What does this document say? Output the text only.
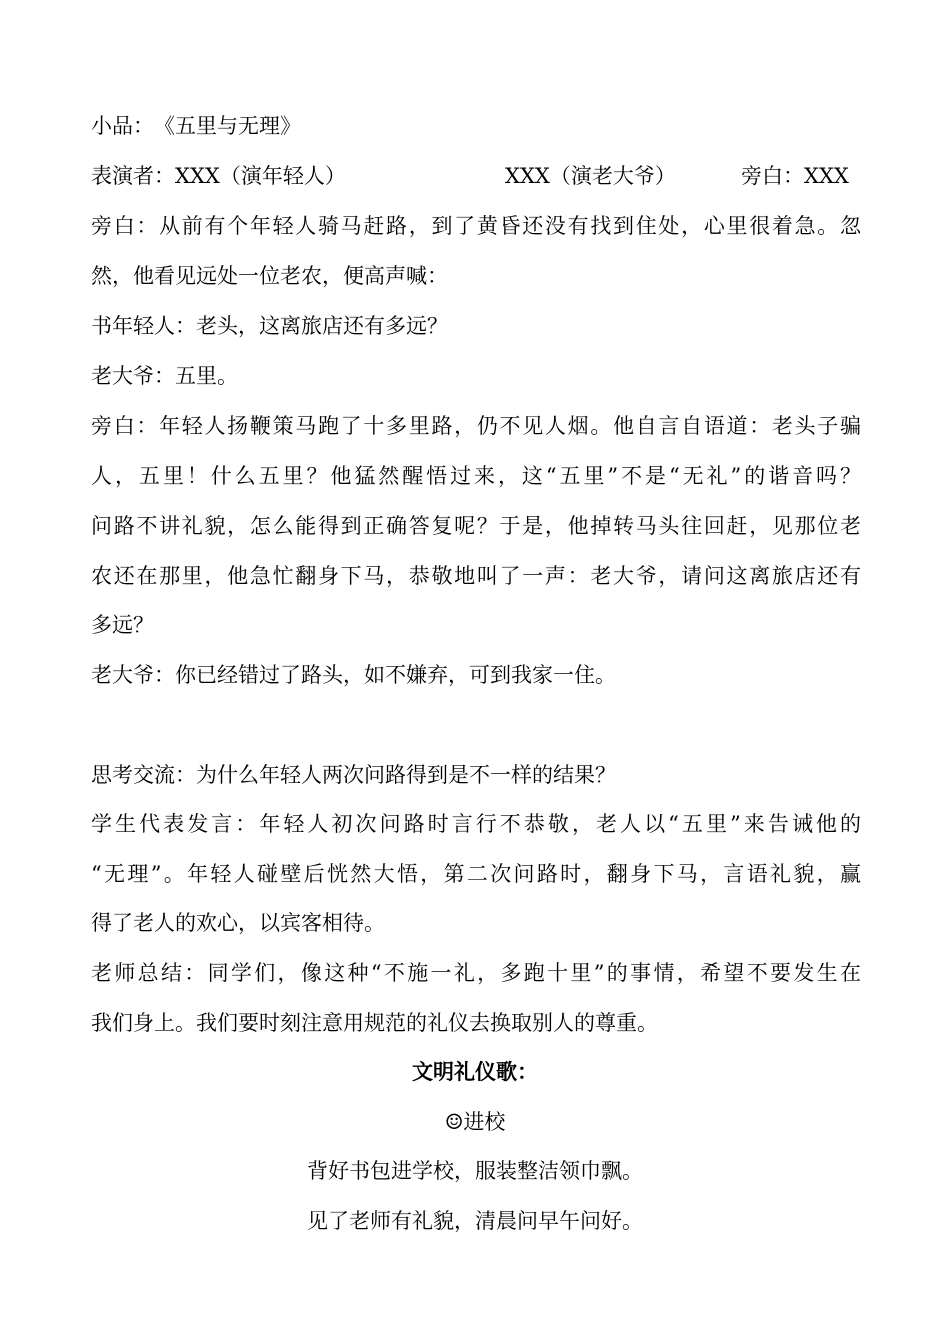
小品：　《五里与无理》
表演者：XXX（演年轻人）	XXX（演老大爷）	旁白：XXX
旁白：从前有个年轻人骑马赶路，到了黄昏还没有找到住处，心里很着急。忽
然，他看见远处一位老农，便高声喊：
书年轻人：老头，这离旅店还有多远？
老大爷：五里。
旁白：年轻人扬鞭策马跑了十多里路，仍不见人烟。他自言自语道：老头子骗
人，五里！什么五里？他猛然醒悟过来，这“五里”不是“无礼”的谐音吗？
问路不讲礼貌，怎么能得到正确答复呢？于是，他掉转马头往回赶，见那位老
农还在那里，他急忙翻身下马，恭敬地叫了一声：老大爷，请问这离旅店还有
多远？
老大爷：你已经错过了路头，如不嫌弃，可到我家一住。
思考交流：为什么年轻人两次问路得到是不一样的结果？
学生代表发言：年轻人初次问路时言行不恭敬，老人以“五里”来告诫他的
“无理”。年轻人碰壁后恍然大悟，第二次问路时，翻身下马，言语礼貌，赢
得了老人的欢心，以宾客相待。
老师总结：同学们，像这种“不施一礼，多跑十里”的事情，希望不要发生在
我们身上。我们要时刻注意用规范的礼仪去换取别人的尊重。
文明礼仪歌：
☺进校
背好书包进学校，服装整洁领巾飘。
见了老师有礼貌，清晨问早午问好。
